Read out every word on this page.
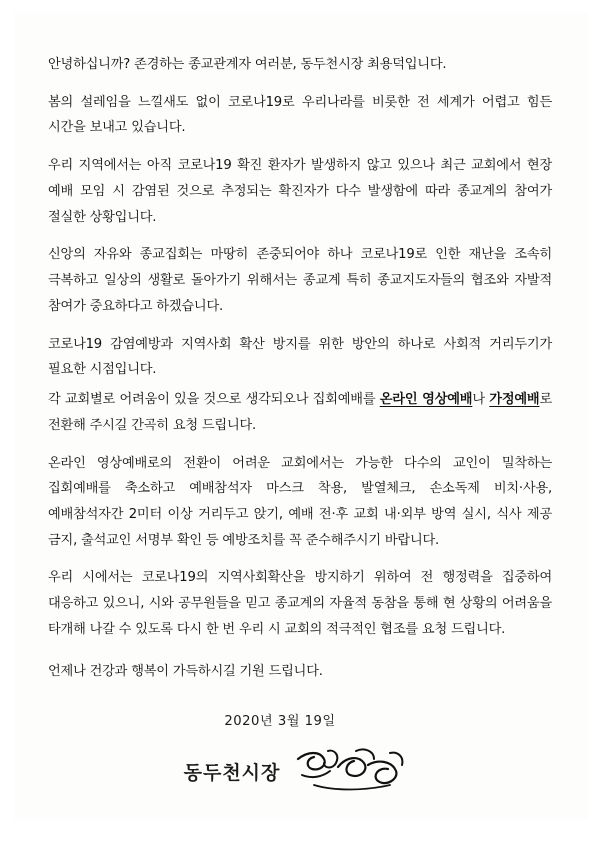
안녕하십니까? 존경하는 종교관계자 여러분, 동두천시장 최용덕입니다.

봄의 설레임을 느낄새도 없이 코로나19로 우리나라를 비롯한 전 세계가 어렵고 힘든 시간을 보내고 있습니다.

우리 지역에서는 아직 코로나19 확진 환자가 발생하지 않고 있으나 최근 교회에서 현장 예배 모임 시 감염된 것으로 추정되는 확진자가 다수 발생함에 따라 종교계의 참여가 절실한 상황입니다.

신앙의 자유와 종교집회는 마땅히 존중되어야 하나 코로나19로 인한 재난을 조속히 극복하고 일상의 생활로 돌아가기 위해서는 종교계 특히 종교지도자들의 협조와 자발적 참여가 중요하다고 하겠습니다.

코로나19 감염예방과 지역사회 확산 방지를 위한 방안의 하나로 사회적 거리두기가 필요한 시점입니다.

각 교회별로 어려움이 있을 것으로 생각되오나 집회예배를 온라인 영상예배나 가정예배로 전환해 주시길 간곡히 요청 드립니다.

온라인 영상예배로의 전환이 어려운 교회에서는 가능한 다수의 교인이 밀착하는 집회예배를 축소하고 예배참석자 마스크 착용, 발열체크, 손소독제 비치·사용, 예배참석자간 2미터 이상 거리두고 앉기, 예배 전·후 교회 내·외부 방역 실시, 식사 제공 금지, 출석교인 서명부 확인 등 예방조치를 꼭 준수해주시기 바랍니다.

우리 시에서는 코로나19의 지역사회확산을 방지하기 위하여 전 행정력을 집중하여 대응하고 있으니, 시와 공무원들을 믿고 종교계의 자율적 동참을 통해 현 상황의 어려움을 타개해 나갈 수 있도록 다시 한 번 우리 시 교회의 적극적인 협조를 요청 드립니다.

언제나 건강과 행복이 가득하시길 기원 드립니다.

2020년 3월 19일
동두천시장
